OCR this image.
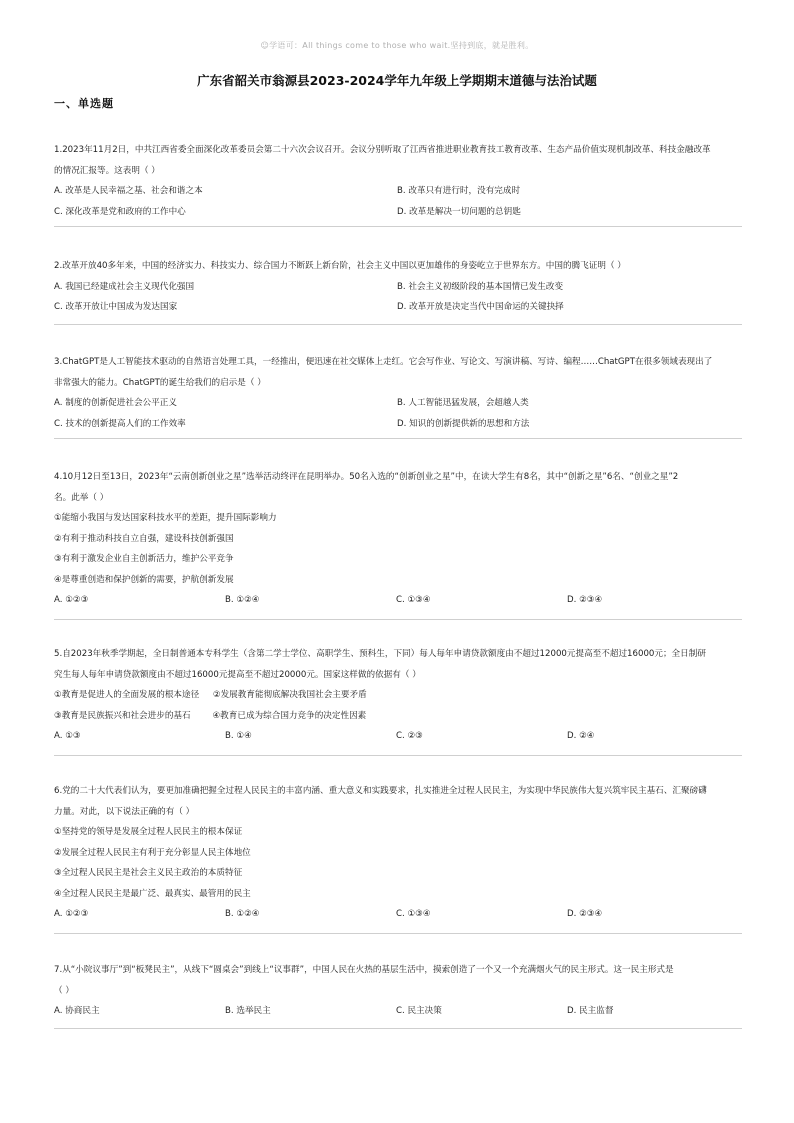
☺学语可：All things come to those who wait.坚持到底，就是胜利。
广东省韶关市翁源县2023-2024学年九年级上学期期末道德与法治试题
一、单选题

1.2023年11月2日，中共江西省委全面深化改革委员会第二十六次会议召开。会议分别听取了江西省推进职业教育技工教育改革、生态产品价值实现机制改革、科技金融改革

的情况汇报等。这表明（ ）

A. 改革是人民幸福之基、社会和谐之本	B. 改革只有进行时，没有完成时
C. 深化改革是党和政府的工作中心	D. 改革是解决一切问题的总钥匙

2.改革开放40多年来，中国的经济实力、科技实力、综合国力不断跃上新台阶，社会主义中国以更加雄伟的身姿屹立于世界东方。中国的腾飞证明（ ）

A. 我国已经建成社会主义现代化强国	B. 社会主义初级阶段的基本国情已发生改变
C. 改革开放让中国成为发达国家	D. 改革开放是决定当代中国命运的关键抉择

3.ChatGPT是人工智能技术驱动的自然语言处理工具，一经推出，便迅速在社交媒体上走红。它会写作业、写论文、写演讲稿、写诗、编程……ChatGPT在很多领域表现出了

非常强大的能力。ChatGPT的诞生给我们的启示是（ ）

A. 制度的创新促进社会公平正义	B. 人工智能迅猛发展，会超越人类
C. 技术的创新提高人们的工作效率	D. 知识的创新提供新的思想和方法

4.10月12日至13日，2023年“云南创新创业之星”选举活动终评在昆明举办。50名入选的“创新创业之星”中，在读大学生有8名，其中“创新之星”6名、“创业之星”2

名。此举（ ）

①能缩小我国与发达国家科技水平的差距，提升国际影响力

②有利于推动科技自立自强，建设科技创新强国

③有利于激发企业自主创新活力，维护公平竞争

④是尊重创造和保护创新的需要，护航创新发展

A. ①②③	B. ①②④	C. ①③④	D. ②③④

5.自2023年秋季学期起，全日制普通本专科学生（含第二学士学位、高职学生、预科生，下同）每人每年申请贷款额度由不超过12000元提高至不超过16000元；全日制研

究生每人每年申请贷款额度由不超过16000元提高至不超过20000元。国家这样做的依据有（ ）

①教育是促进人的全面发展的根本途径     ②发展教育能彻底解决我国社会主要矛盾

③教育是民族振兴和社会进步的基石        ④教育已成为综合国力竞争的决定性因素

A. ①③	B. ①④	C. ②③	D. ②④

6.党的二十大代表们认为，要更加准确把握全过程人民民主的丰富内涵、重大意义和实践要求，扎实推进全过程人民民主，为实现中华民族伟大复兴筑牢民主基石、汇聚磅礴

力量。对此，以下说法正确的有（ ）

①坚持党的领导是发展全过程人民民主的根本保证

②发展全过程人民民主有利于充分彰显人民主体地位

③全过程人民民主是社会主义民主政治的本质特征

④全过程人民民主是最广泛、最真实、最管用的民主

A. ①②③	B. ①②④	C. ①③④	D. ②③④

7.从“小院议事厅”到“板凳民主”，从线下“圆桌会”到线上“议事群”，中国人民在火热的基层生活中，摸索创造了一个又一个充满烟火气的民主形式。这一民主形式是

（ ）

A. 协商民主	B. 选举民主	C. 民主决策	D. 民主监督
